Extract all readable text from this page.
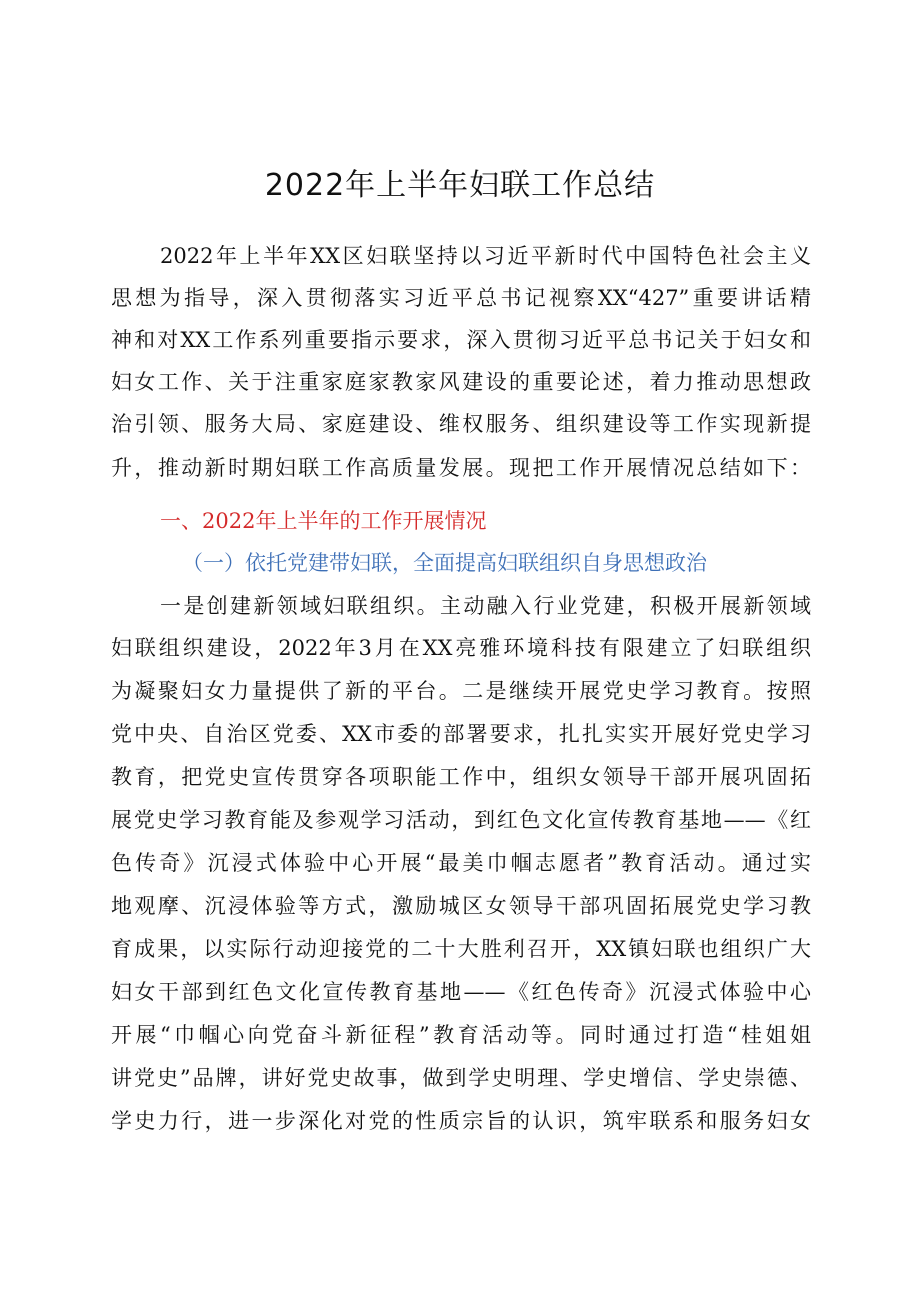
2022年上半年妇联工作总结
2022年上半年XX区妇联坚持以习近平新时代中国特色社会主义
思想为指导，深入贯彻落实习近平总书记视察XX“427”重要讲话精
神和对XX工作系列重要指示要求，深入贯彻习近平总书记关于妇女和
妇女工作、关于注重家庭家教家风建设的重要论述，着力推动思想政
治引领、服务大局、家庭建设、维权服务、组织建设等工作实现新提
升，推动新时期妇联工作高质量发展。现把工作开展情况总结如下：
一、2022年上半年的工作开展情况
（一）依托党建带妇联，全面提高妇联组织自身思想政治
一是创建新领域妇联组织。主动融入行业党建，积极开展新领域
妇联组织建设，2022年3月在XX亮雅环境科技有限建立了妇联组织
为凝聚妇女力量提供了新的平台。二是继续开展党史学习教育。按照
党中央、自治区党委、XX市委的部署要求，扎扎实实开展好党史学习
教育，把党史宣传贯穿各项职能工作中，组织女领导干部开展巩固拓
展党史学习教育能及参观学习活动，到红色文化宣传教育基地——《红
色传奇》沉浸式体验中心开展“最美巾帼志愿者”教育活动。通过实
地观摩、沉浸体验等方式，激励城区女领导干部巩固拓展党史学习教
育成果，以实际行动迎接党的二十大胜利召开，XX镇妇联也组织广大
妇女干部到红色文化宣传教育基地——《红色传奇》沉浸式体验中心
开展“巾帼心向党奋斗新征程”教育活动等。同时通过打造“桂姐姐
讲党史”品牌，讲好党史故事，做到学史明理、学史增信、学史崇德、
学史力行，进一步深化对党的性质宗旨的认识，筑牢联系和服务妇女
